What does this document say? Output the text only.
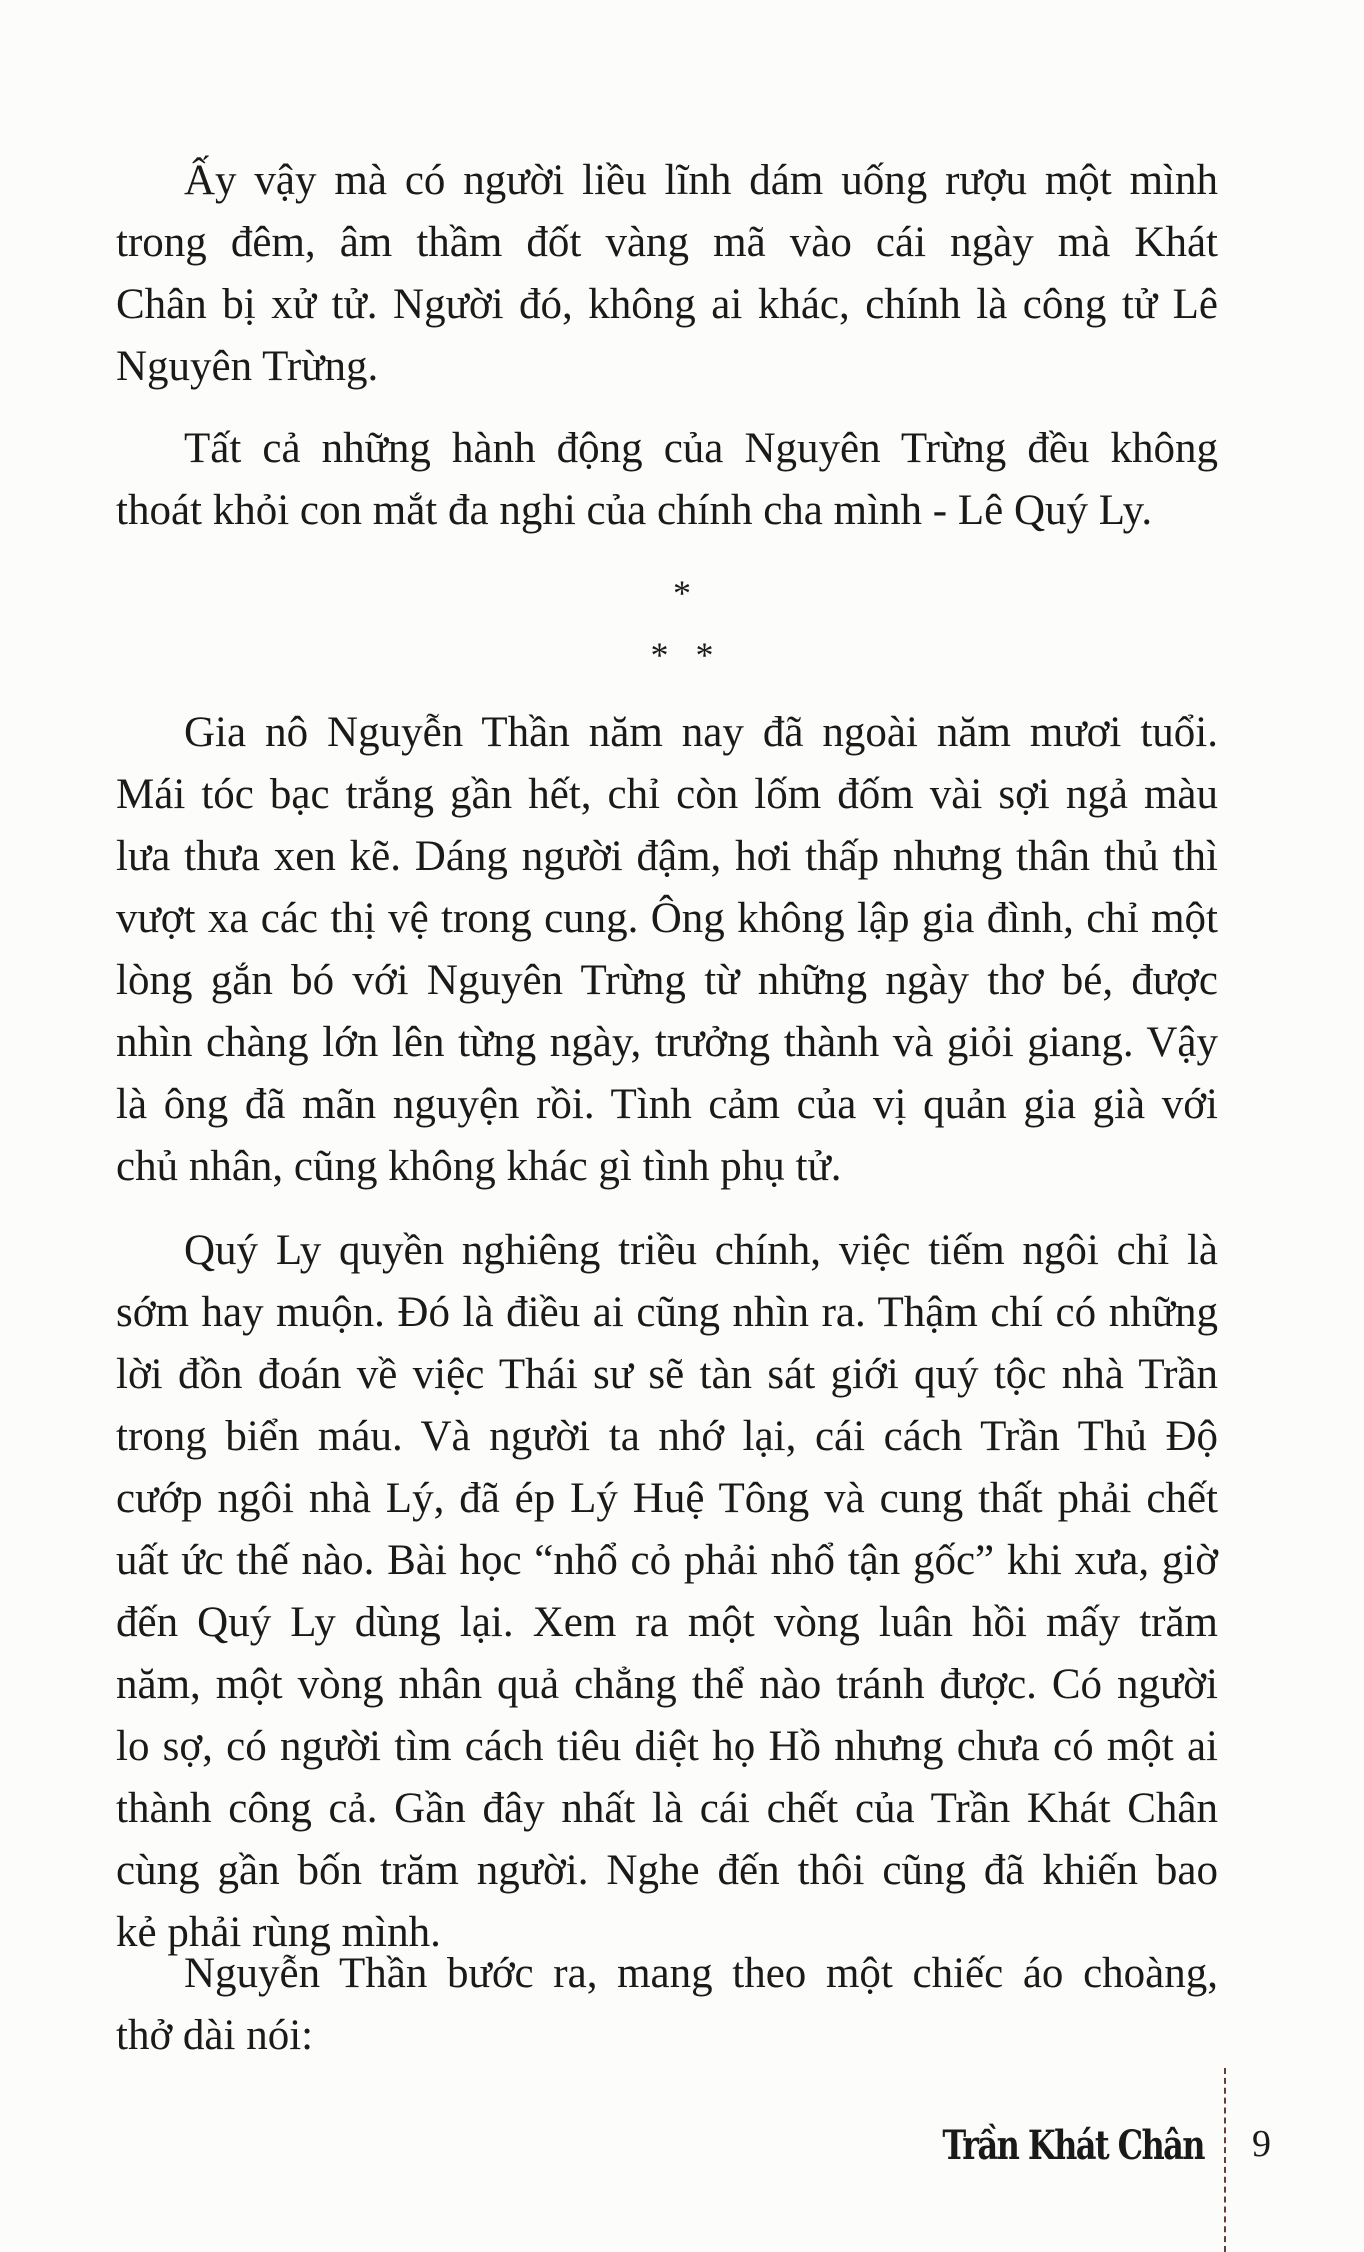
Ấy vậy mà có người liều lĩnh dám uống rượu một mình
trong đêm, âm thầm đốt vàng mã vào cái ngày mà Khát
Chân bị xử tử. Người đó, không ai khác, chính là công tử Lê
Nguyên Trừng.
Tất cả những hành động của Nguyên Trừng đều không
thoát khỏi con mắt đa nghi của chính cha mình - Lê Quý Ly.
*
*   *
Gia nô Nguyễn Thần năm nay đã ngoài năm mươi tuổi.
Mái tóc bạc trắng gần hết, chỉ còn lốm đốm vài sợi ngả màu
lưa thưa xen kẽ. Dáng người đậm, hơi thấp nhưng thân thủ thì
vượt xa các thị vệ trong cung. Ông không lập gia đình, chỉ một
lòng gắn bó với Nguyên Trừng từ những ngày thơ bé, được
nhìn chàng lớn lên từng ngày, trưởng thành và giỏi giang. Vậy
là ông đã mãn nguyện rồi. Tình cảm của vị quản gia già với
chủ nhân, cũng không khác gì tình phụ tử.
Quý Ly quyền nghiêng triều chính, việc tiếm ngôi chỉ là
sớm hay muộn. Đó là điều ai cũng nhìn ra. Thậm chí có những
lời đồn đoán về việc Thái sư sẽ tàn sát giới quý tộc nhà Trần
trong biển máu. Và người ta nhớ lại, cái cách Trần Thủ Độ
cướp ngôi nhà Lý, đã ép Lý Huệ Tông và cung thất phải chết
uất ức thế nào. Bài học “nhổ cỏ phải nhổ tận gốc” khi xưa, giờ
đến Quý Ly dùng lại. Xem ra một vòng luân hồi mấy trăm
năm, một vòng nhân quả chẳng thể nào tránh được. Có người
lo sợ, có người tìm cách tiêu diệt họ Hồ nhưng chưa có một ai
thành công cả. Gần đây nhất là cái chết của Trần Khát Chân
cùng gần bốn trăm người. Nghe đến thôi cũng đã khiến bao
kẻ phải rùng mình.
Nguyễn Thần bước ra, mang theo một chiếc áo choàng,
thở dài nói:
Trần Khát Chân 9
